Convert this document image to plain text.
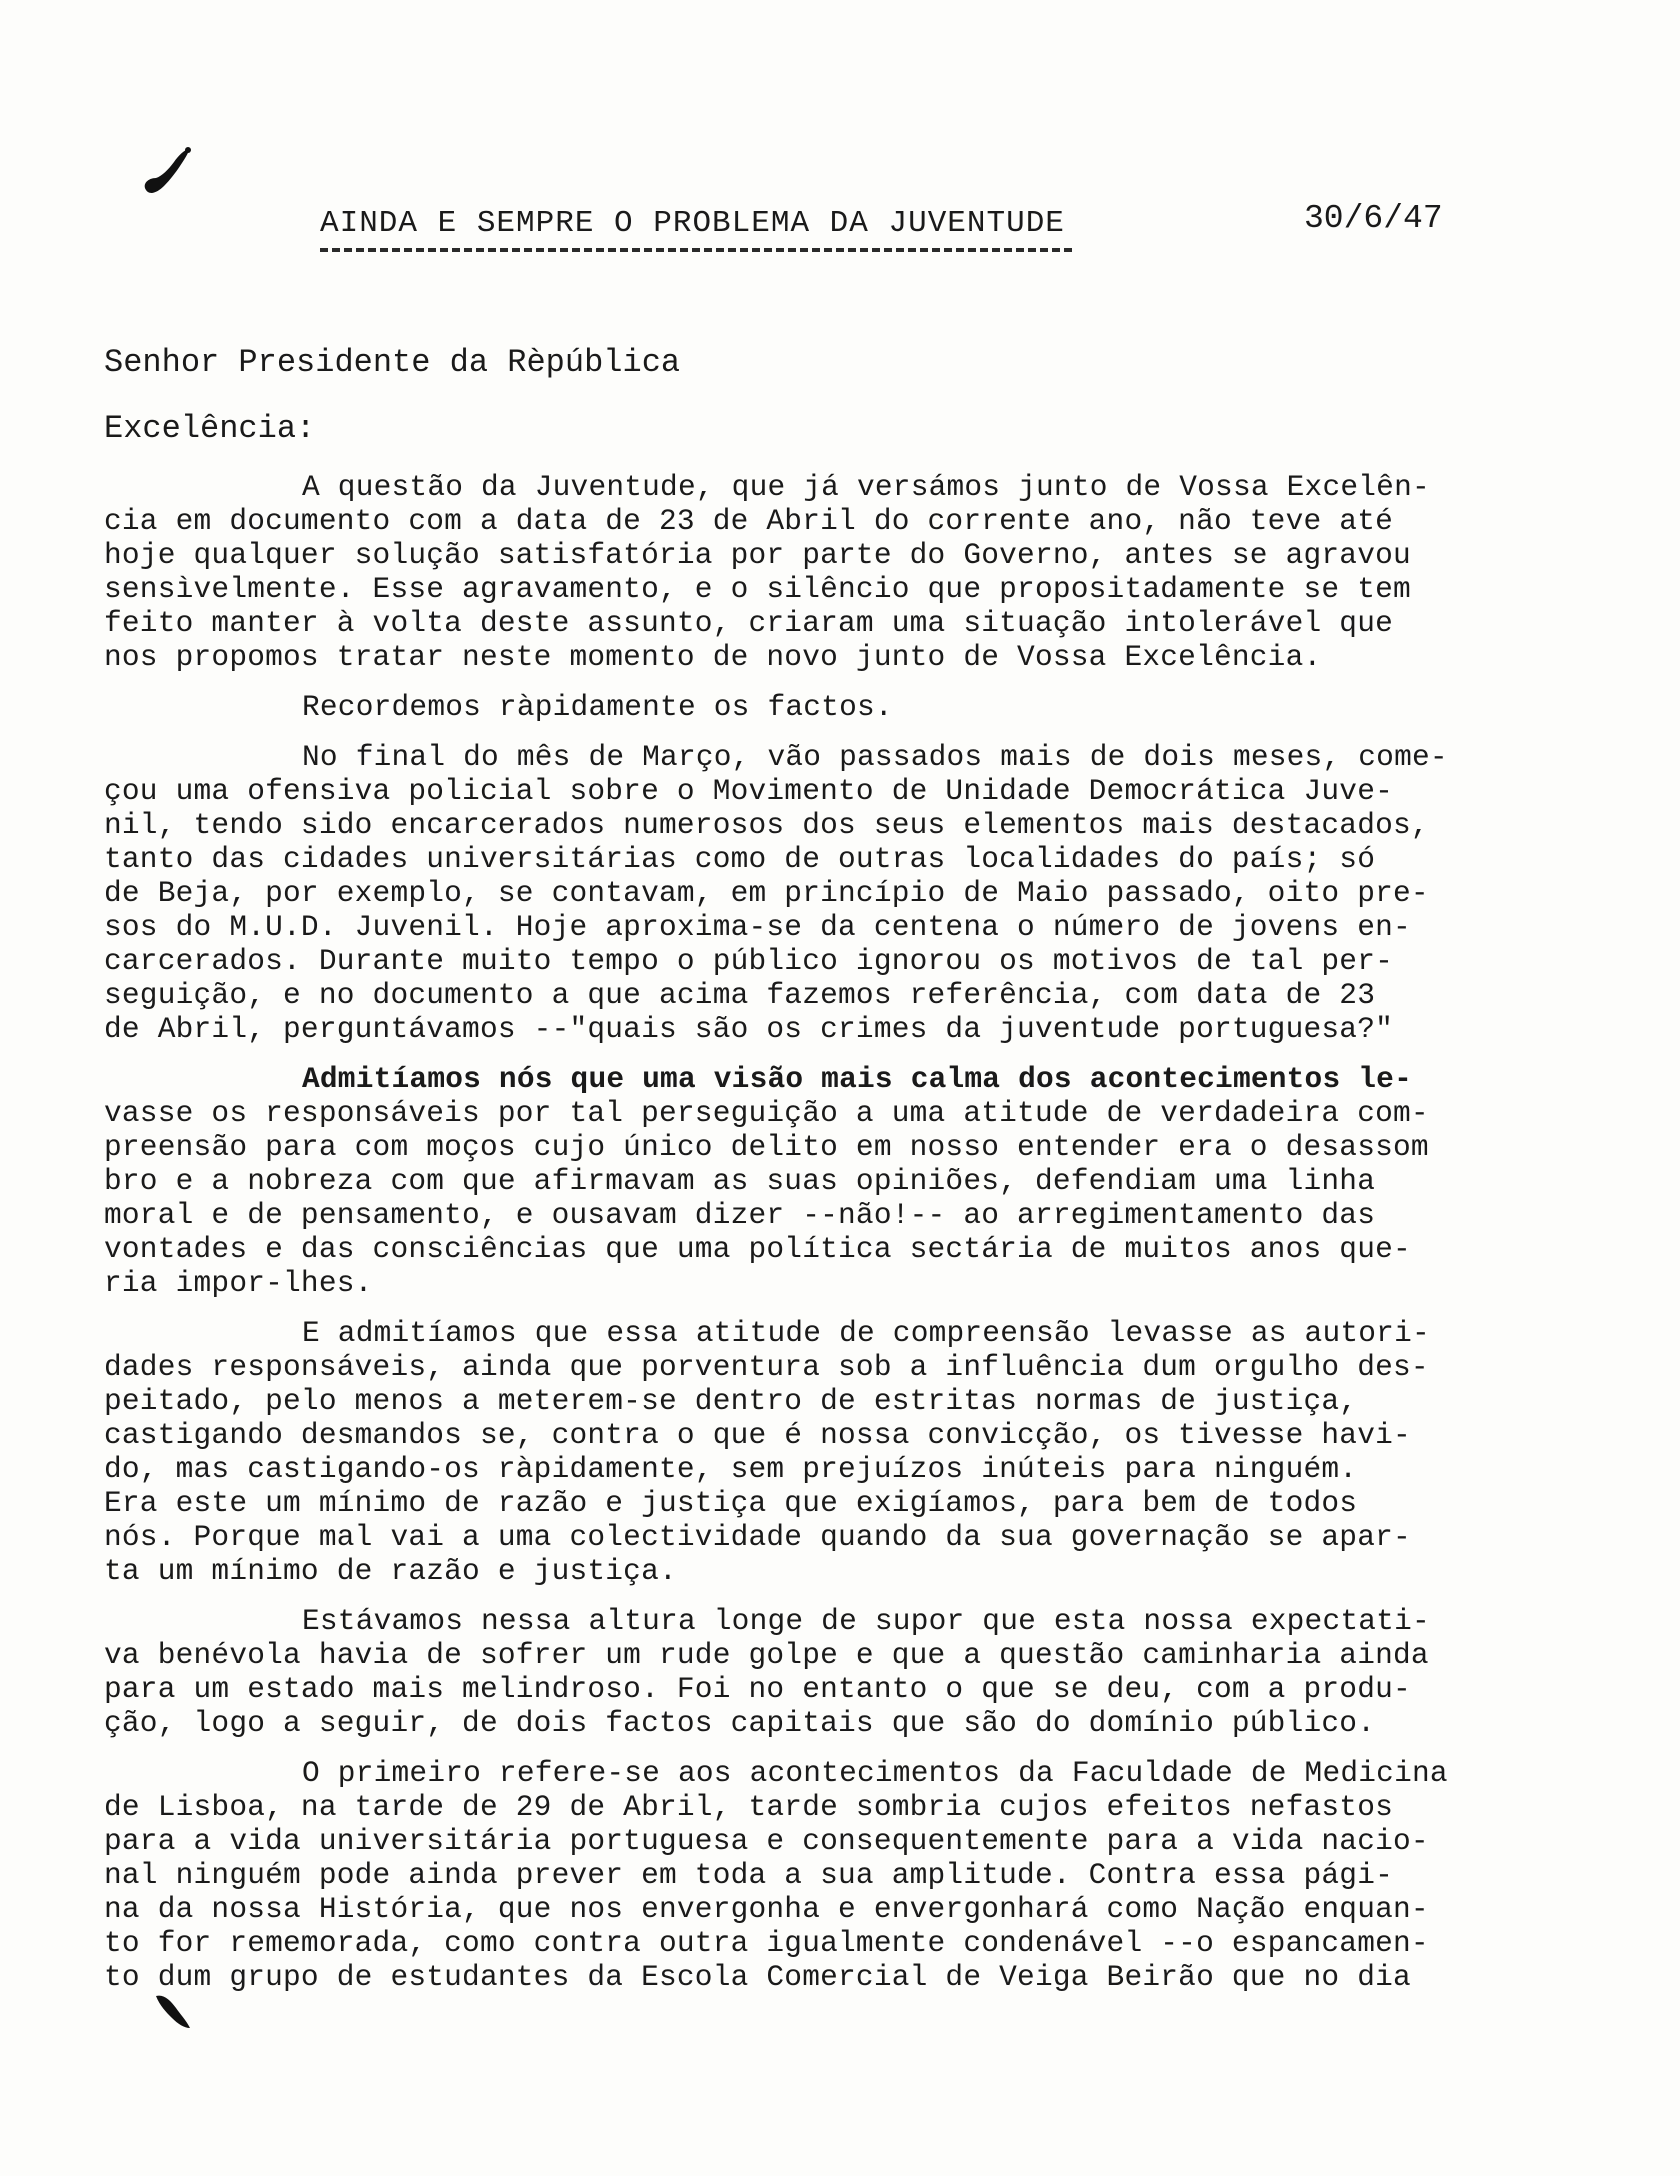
AINDA E SEMPRE O PROBLEMA DA JUVENTUDE	30/6/47
Senhor Presidente da Rèpública
Excelência:
A questão da Juventude, que já versámos junto de Vossa Excelên-
cia em documento com a data de 23 de Abril do corrente ano, não teve até
hoje qualquer solução satisfatória por parte do Governo, antes se agravou
sensìvelmente. Esse agravamento, e o silêncio que propositadamente se tem
feito manter à volta deste assunto, criaram uma situação intolerável que
nos propomos tratar neste momento de novo junto de Vossa Excelência.
Recordemos ràpidamente os factos.
No final do mês de Março, vão passados mais de dois meses, come-
çou uma ofensiva policial sobre o Movimento de Unidade Democrática Juve-
nil, tendo sido encarcerados numerosos dos seus elementos mais destacados,
tanto das cidades universitárias como de outras localidades do país; só
de Beja, por exemplo, se contavam, em princípio de Maio passado, oito pre-
sos do M.U.D. Juvenil. Hoje aproxima-se da centena o número de jovens en-
carcerados. Durante muito tempo o público ignorou os motivos de tal per-
seguição, e no documento a que acima fazemos referência, com data de 23
de Abril, perguntávamos --"quais são os crimes da juventude portuguesa?"
Admitíamos nós que uma visão mais calma dos acontecimentos le-
vasse os responsáveis por tal perseguição a uma atitude de verdadeira com-
preensão para com moços cujo único delito em nosso entender era o desassom
bro e a nobreza com que afirmavam as suas opiniões, defendiam uma linha
moral e de pensamento, e ousavam dizer --não!-- ao arregimentamento das
vontades e das consciências que uma política sectária de muitos anos que-
ria impor-lhes.
E admitíamos que essa atitude de compreensão levasse as autori-
dades responsáveis, ainda que porventura sob a influência dum orgulho des-
peitado, pelo menos a meterem-se dentro de estritas normas de justiça,
castigando desmandos se, contra o que é nossa convicção, os tivesse havi-
do, mas castigando-os ràpidamente, sem prejuízos inúteis para ninguém.
Era este um mínimo de razão e justiça que exigíamos, para bem de todos
nós. Porque mal vai a uma colectividade quando da sua governação se apar-
ta um mínimo de razão e justiça.
Estávamos nessa altura longe de supor que esta nossa expectati-
va benévola havia de sofrer um rude golpe e que a questão caminharia ainda
para um estado mais melindroso. Foi no entanto o que se deu, com a produ-
ção, logo a seguir, de dois factos capitais que são do domínio público.
O primeiro refere-se aos acontecimentos da Faculdade de Medicina
de Lisboa, na tarde de 29 de Abril, tarde sombria cujos efeitos nefastos
para a vida universitária portuguesa e consequentemente para a vida nacio-
nal ninguém pode ainda prever em toda a sua amplitude. Contra essa pági-
na da nossa História, que nos envergonha e envergonhará como Nação enquan-
to for rememorada, como contra outra igualmente condenável --o espancamen-
to dum grupo de estudantes da Escola Comercial de Veiga Beirão que no dia
